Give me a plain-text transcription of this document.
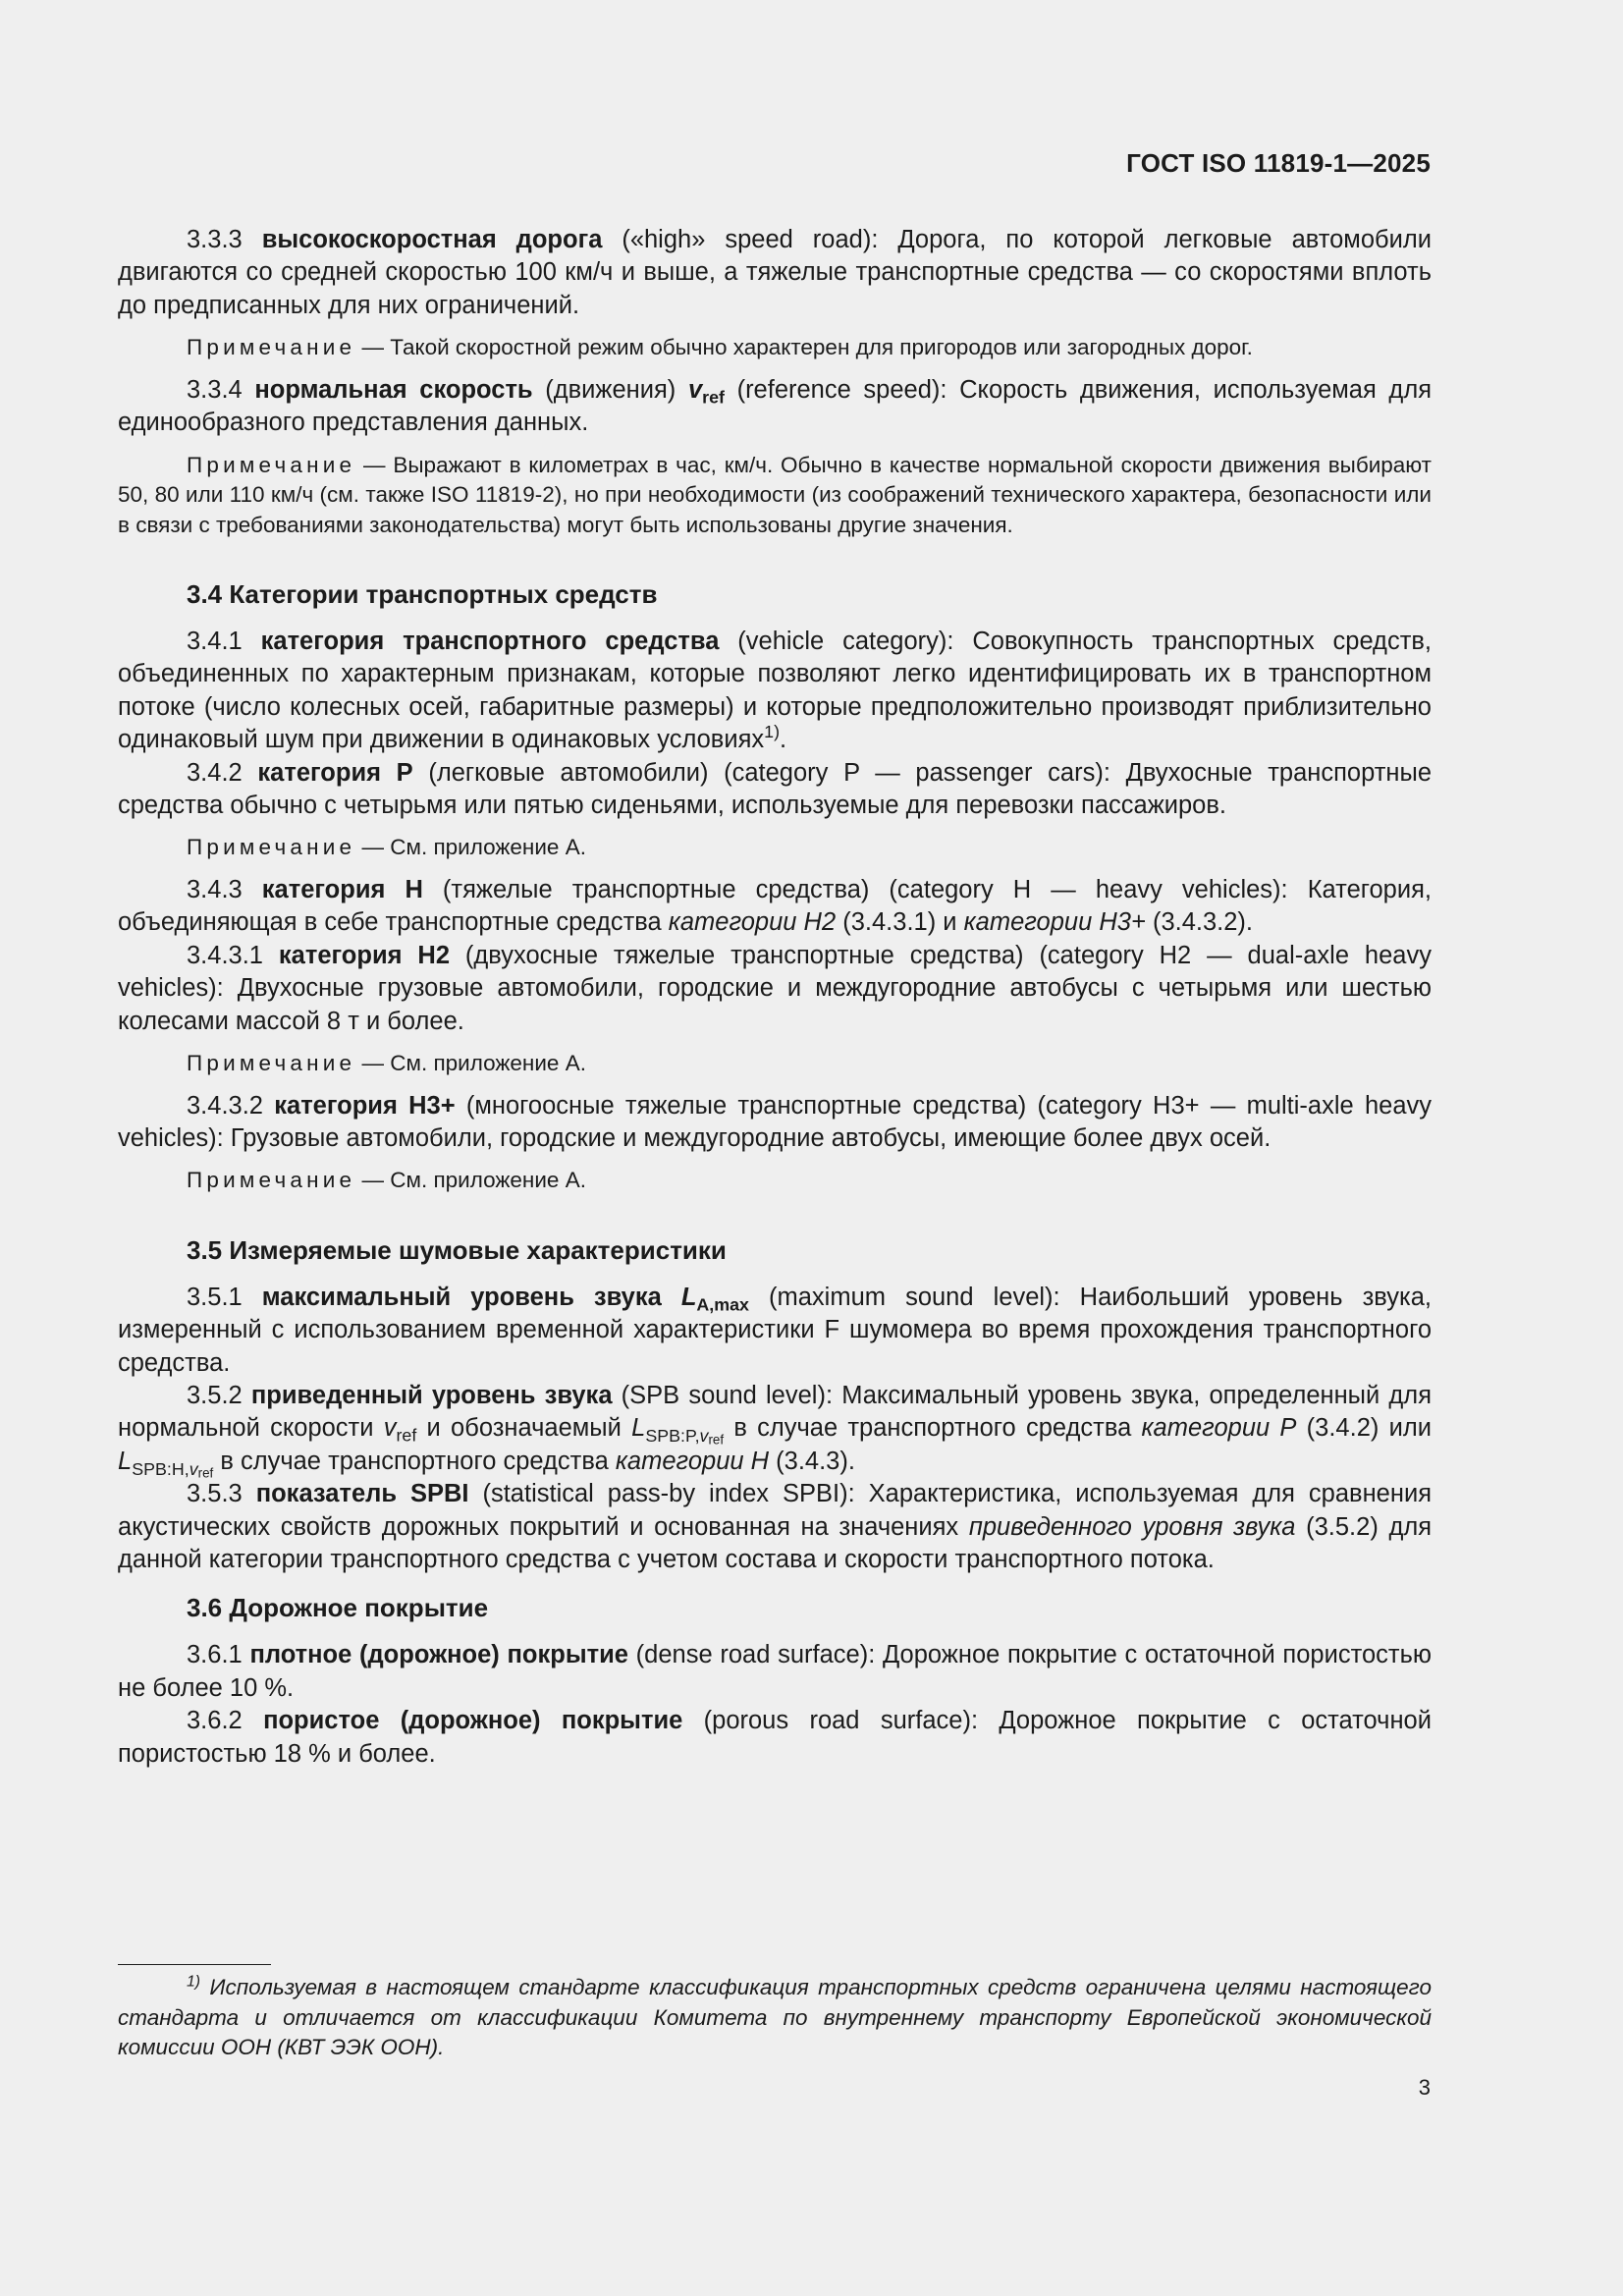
ГОСТ ISO 11819-1—2025

3.3.3 высокоскоростная дорога («high» speed road): Дорога, по которой легковые автомобили двигаются со средней скоростью 100 км/ч и выше, а тяжелые транспортные средства — со скоростями вплоть до предписанных для них ограничений.

Примечание — Такой скоростной режим обычно характерен для пригородов или загородных дорог.

3.3.4 нормальная скорость (движения) $v_{ref}$ (reference speed): Скорость движения, используемая для единообразного представления данных.

Примечание — Выражают в километрах в час, км/ч. Обычно в качестве нормальной скорости движения выбирают 50, 80 или 110 км/ч (см. также ISO 11819-2), но при необходимости (из соображений технического характера, безопасности или в связи с требованиями законодательства) могут быть использованы другие значения.

3.4 Категории транспортных средств

3.4.1 категория транспортного средства (vehicle category): Совокупность транспортных средств, объединенных по характерным признакам, которые позволяют легко идентифицировать их в транспортном потоке (число колесных осей, габаритные размеры) и которые предположительно производят приблизительно одинаковый шум при движении в одинаковых условиях$^{1)}$.

3.4.2 категория Р (легковые автомобили) (category P — passenger cars): Двухосные транспортные средства обычно с четырьмя или пятью сиденьями, используемые для перевозки пассажиров.

Примечание — См. приложение А.

3.4.3 категория Н (тяжелые транспортные средства) (category H — heavy vehicles): Категория, объединяющая в себе транспортные средства категории Н2 (3.4.3.1) и категории Н3+ (3.4.3.2).

3.4.3.1 категория Н2 (двухосные тяжелые транспортные средства) (category H2 — dual-axle heavy vehicles): Двухосные грузовые автомобили, городские и междугородние автобусы с четырьмя или шестью колесами массой 8 т и более.

Примечание — См. приложение А.

3.4.3.2 категория Н3+ (многоосные тяжелые транспортные средства) (category H3+ — multi-axle heavy vehicles): Грузовые автомобили, городские и междугородние автобусы, имеющие более двух осей.

Примечание — См. приложение А.

3.5 Измеряемые шумовые характеристики

3.5.1 максимальный уровень звука $L_{A,max}$ (maximum sound level): Наибольший уровень звука, измеренный с использованием временной характеристики F шумомера во время прохождения транспортного средства.

3.5.2 приведенный уровень звука (SPB sound level): Максимальный уровень звука, определенный для нормальной скорости $v_{ref}$ и обозначаемый $L_{SPB:P,vref}$ в случае транспортного средства категории Р (3.4.2) или $L_{SPB:H,vref}$ в случае транспортного средства категории Н (3.4.3).

3.5.3 показатель SPBI (statistical pass-by index SPBI): Характеристика, используемая для сравнения акустических свойств дорожных покрытий и основанная на значениях приведенного уровня звука (3.5.2) для данной категории транспортного средства с учетом состава и скорости транспортного потока.

3.6 Дорожное покрытие

3.6.1 плотное (дорожное) покрытие (dense road surface): Дорожное покрытие с остаточной пористостью не более 10 %.

3.6.2 пористое (дорожное) покрытие (porous road surface): Дорожное покрытие с остаточной пористостью 18 % и более.

$^{1)}$ Используемая в настоящем стандарте классификация транспортных средств ограничена целями настоящего стандарта и отличается от классификации Комитета по внутреннему транспорту Европейской экономической комиссии ООН (КВТ ЭЭК ООН).

3
